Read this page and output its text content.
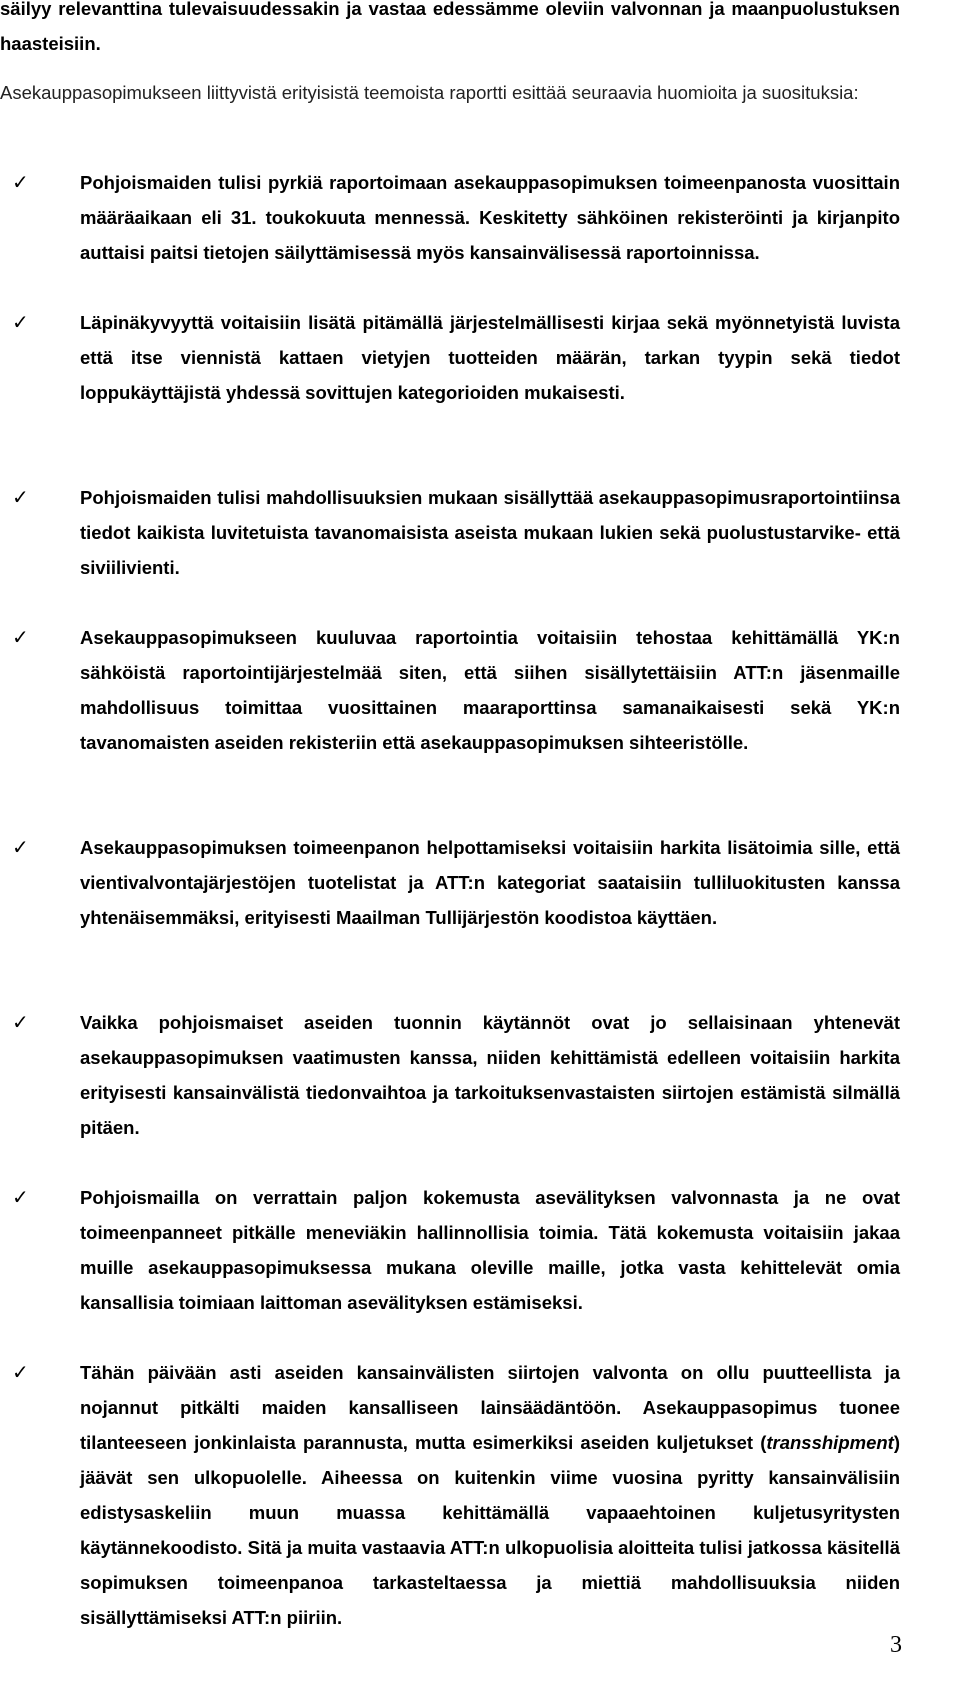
säilyy relevanttina tulevaisuudessakin ja vastaa edessämme oleviin valvonnan ja maanpuolustuksen haasteisiin.
Asekauppasopimukseen liittyvistä erityisistä teemoista raportti esittää seuraavia huomioita ja suosituksia:
✓	Pohjoismaiden tulisi pyrkiä raportoimaan asekauppasopimuksen toimeenpanosta vuosittain määräaikaan eli 31. toukokuuta mennessä. Keskitetty sähköinen rekisteröinti ja kirjanpito auttaisi paitsi tietojen säilyttämisessä myös kansainvälisessä raportoinnissa.
✓	Läpinäkyvyyttä voitaisiin lisätä pitämällä järjestelmällisesti kirjaa sekä myönnetyistä luvista että itse viennistä kattaen vietyjen tuotteiden määrän, tarkan tyypin sekä tiedot loppukäyttäjistä yhdessä sovittujen kategorioiden mukaisesti.
✓	Pohjoismaiden tulisi mahdollisuuksien mukaan sisällyttää asekauppasopimusraportointiinsa tiedot kaikista luvitetuista tavanomaisista aseista mukaan lukien sekä puolustustarvike- että siviilivienti.
✓	Asekauppasopimukseen kuuluvaa raportointia voitaisiin tehostaa kehittämällä YK:n sähköistä raportointijärjestelmää siten, että siihen sisällytettäisiin ATT:n jäsenmaille mahdollisuus toimittaa vuosittainen maaraporttinsa samanaikaisesti sekä YK:n tavanomaisten aseiden rekisteriin että asekauppasopimuksen sihteeristölle.
✓	Asekauppasopimuksen toimeenpanon helpottamiseksi voitaisiin harkita lisätoimia sille, että vientivalvontajärjestöjen tuotelistat ja ATT:n kategoriat saataisiin tulliluokitusten kanssa yhtenäisemmäksi, erityisesti Maailman Tullijärjestön koodistoa käyttäen.
✓	Vaikka pohjoismaiset aseiden tuonnin käytännöt ovat jo sellaisinaan yhtenevät asekauppasopimuksen vaatimusten kanssa, niiden kehittämistä edelleen voitaisiin harkita erityisesti kansainvälistä tiedonvaihtoa ja tarkoituksenvastaisten siirtojen estämistä silmällä pitäen.
✓	Pohjoismailla on verrattain paljon kokemusta asevälityksen valvonnasta ja ne ovat toimeenpanneet pitkälle meneviäkin hallinnollisia toimia. Tätä kokemusta voitaisiin jakaa muille asekauppasopimuksessa mukana oleville maille, jotka vasta kehittelevät omia kansallisia toimiaan laittoman asevälityksen estämiseksi.
✓	Tähän päivään asti aseiden kansainvälisten siirtojen valvonta on ollu puutteellista ja nojannut pitkälti maiden kansalliseen lainsäädäntöön. Asekauppasopimus tuonee tilanteeseen jonkinlaista parannusta, mutta esimerkiksi aseiden kuljetukset (transshipment) jäävät sen ulkopuolelle. Aiheessa on kuitenkin viime vuosina pyritty kansainvälisiin edistysaskeliin muun muassa kehittämällä vapaaehtoinen kuljetusyritysten käytännekoodisto. Sitä ja muita vastaavia ATT:n ulkopuolisia aloitteita tulisi jatkossa käsitellä sopimuksen toimeenpanoa tarkasteltaessa ja miettiä mahdollisuuksia niiden sisällyttämiseksi ATT:n piiriin.
3
